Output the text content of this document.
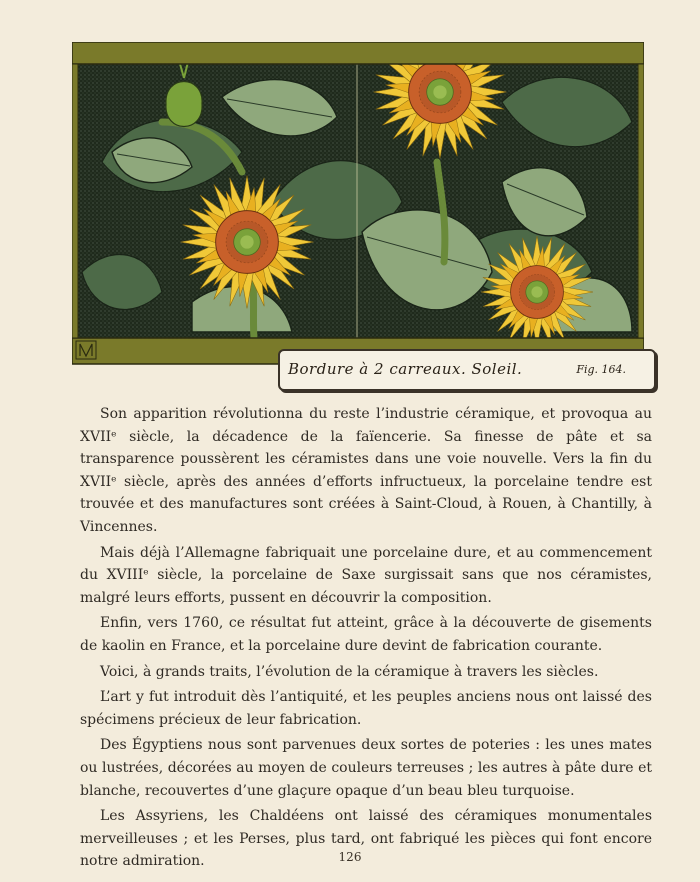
Bordure à 2 carreaux. Soleil.	Fig. 164.

Son apparition révolutionna du reste l’industrie céramique, et provoqua au XVIIᵉ siècle, la décadence de la faïencerie. Sa finesse de pâte et sa transparence poussèrent les céramistes dans une voie nouvelle. Vers la fin du XVIIᵉ siècle, après des années d’efforts infructueux, la porcelaine tendre est trouvée et des manufactures sont créées à Saint-Cloud, à Rouen, à Chantilly, à Vincennes.

Mais déjà l’Allemagne fabriquait une porcelaine dure, et au commencement du XVIIIᵉ siècle, la porcelaine de Saxe surgissait sans que nos céramistes, malgré leurs efforts, pussent en découvrir la composition.

Enfin, vers 1760, ce résultat fut atteint, grâce à la découverte de gisements de kaolin en France, et la porcelaine dure devint de fabrication courante.

Voici, à grands traits, l’évolution de la céramique à travers les siècles.

L’art y fut introduit dès l’antiquité, et les peuples anciens nous ont laissé des spécimens précieux de leur fabrication.

Des Égyptiens nous sont parvenues deux sortes de poteries : les unes mates ou lustrées, décorées au moyen de couleurs terreuses ; les autres à pâte dure et blanche, recouvertes d’une glaçure opaque d’un beau bleu turquoise.

Les Assyriens, les Chaldéens ont laissé des céramiques monumentales merveilleuses ; et les Perses, plus tard, ont fabriqué les pièces qui font encore notre admiration.	126
